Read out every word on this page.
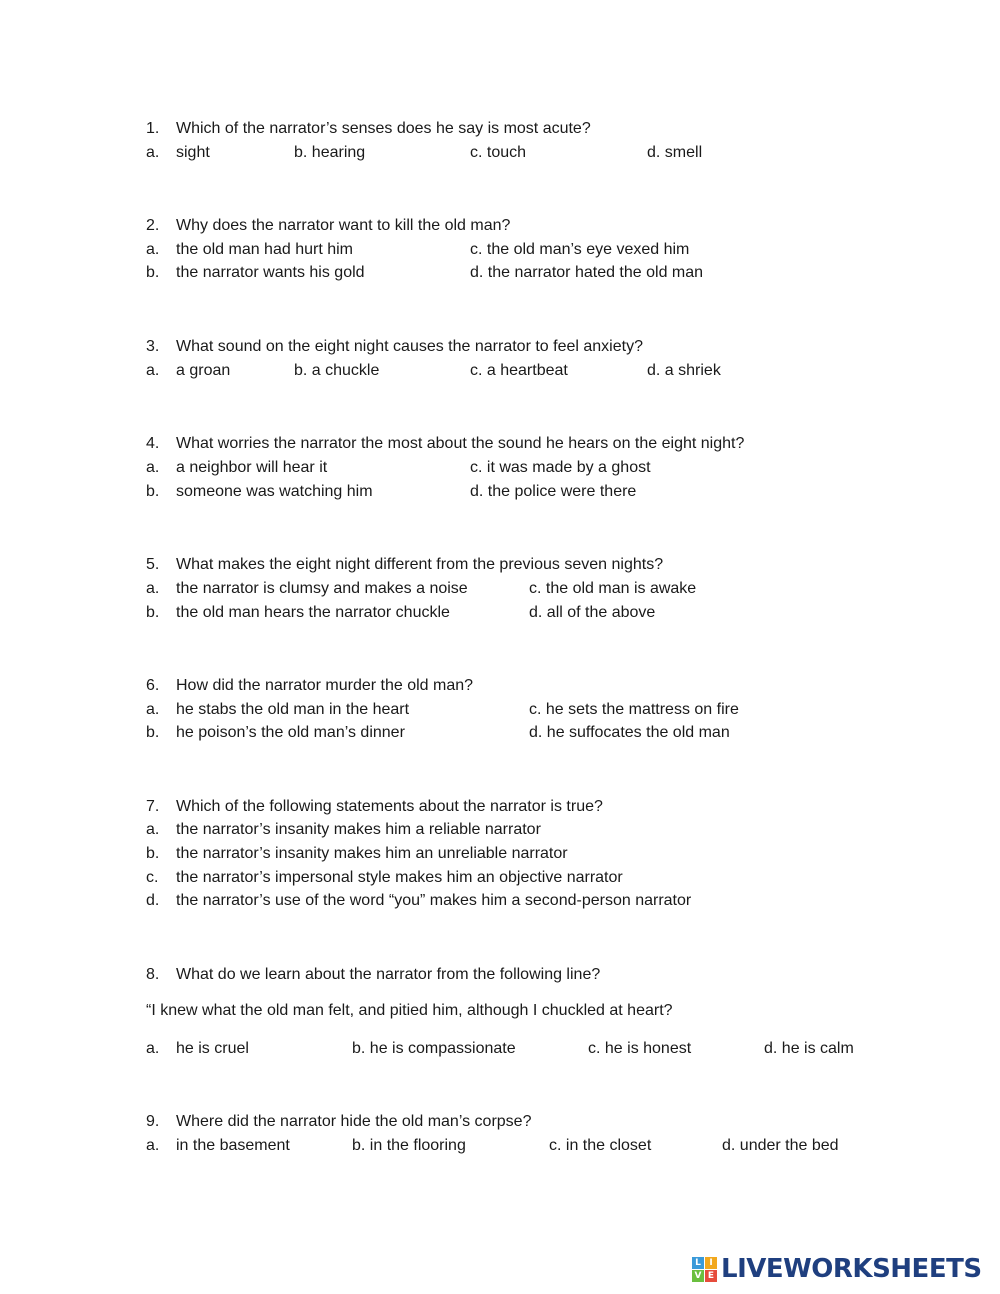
1. Which of the narrator’s senses does he say is most acute?
a. sight	b. hearing	c. touch	d. smell
2. Why does the narrator want to kill the old man?
a. the old man had hurt him	c. the old man’s eye vexed him
b. the narrator wants his gold	d. the narrator hated the old man
3. What sound on the eight night causes the narrator to feel anxiety?
a. a groan	b. a chuckle	c. a heartbeat	d. a shriek
4. What worries the narrator the most about the sound he hears on the eight night?
a. a neighbor will hear it	c. it was made by a ghost
b. someone was watching him	d. the police were there
5. What makes the eight night different from the previous seven nights?
a. the narrator is clumsy and makes a noise	c. the old man is awake
b. the old man hears the narrator chuckle	d. all of the above
6. How did the narrator murder the old man?
a. he stabs the old man in the heart	c. he sets the mattress on fire
b. he poison’s the old man’s dinner	d. he suffocates the old man
7. Which of the following statements about the narrator is true?
a. the narrator’s insanity makes him a reliable narrator
b. the narrator’s insanity makes him an unreliable narrator
c. the narrator’s impersonal style makes him an objective narrator
d. the narrator’s use of the word “you” makes him a second-person narrator
8. What do we learn about the narrator from the following line?
“I knew what the old man felt, and pitied him, although I chuckled at heart?
a. he is cruel	b. he is compassionate	c. he is honest	d. he is calm
9. Where did the narrator hide the old man’s corpse?
a. in the basement	b. in the flooring	c. in the closet	d. under the bed
L I
V E LIVEWORKSHEETS
